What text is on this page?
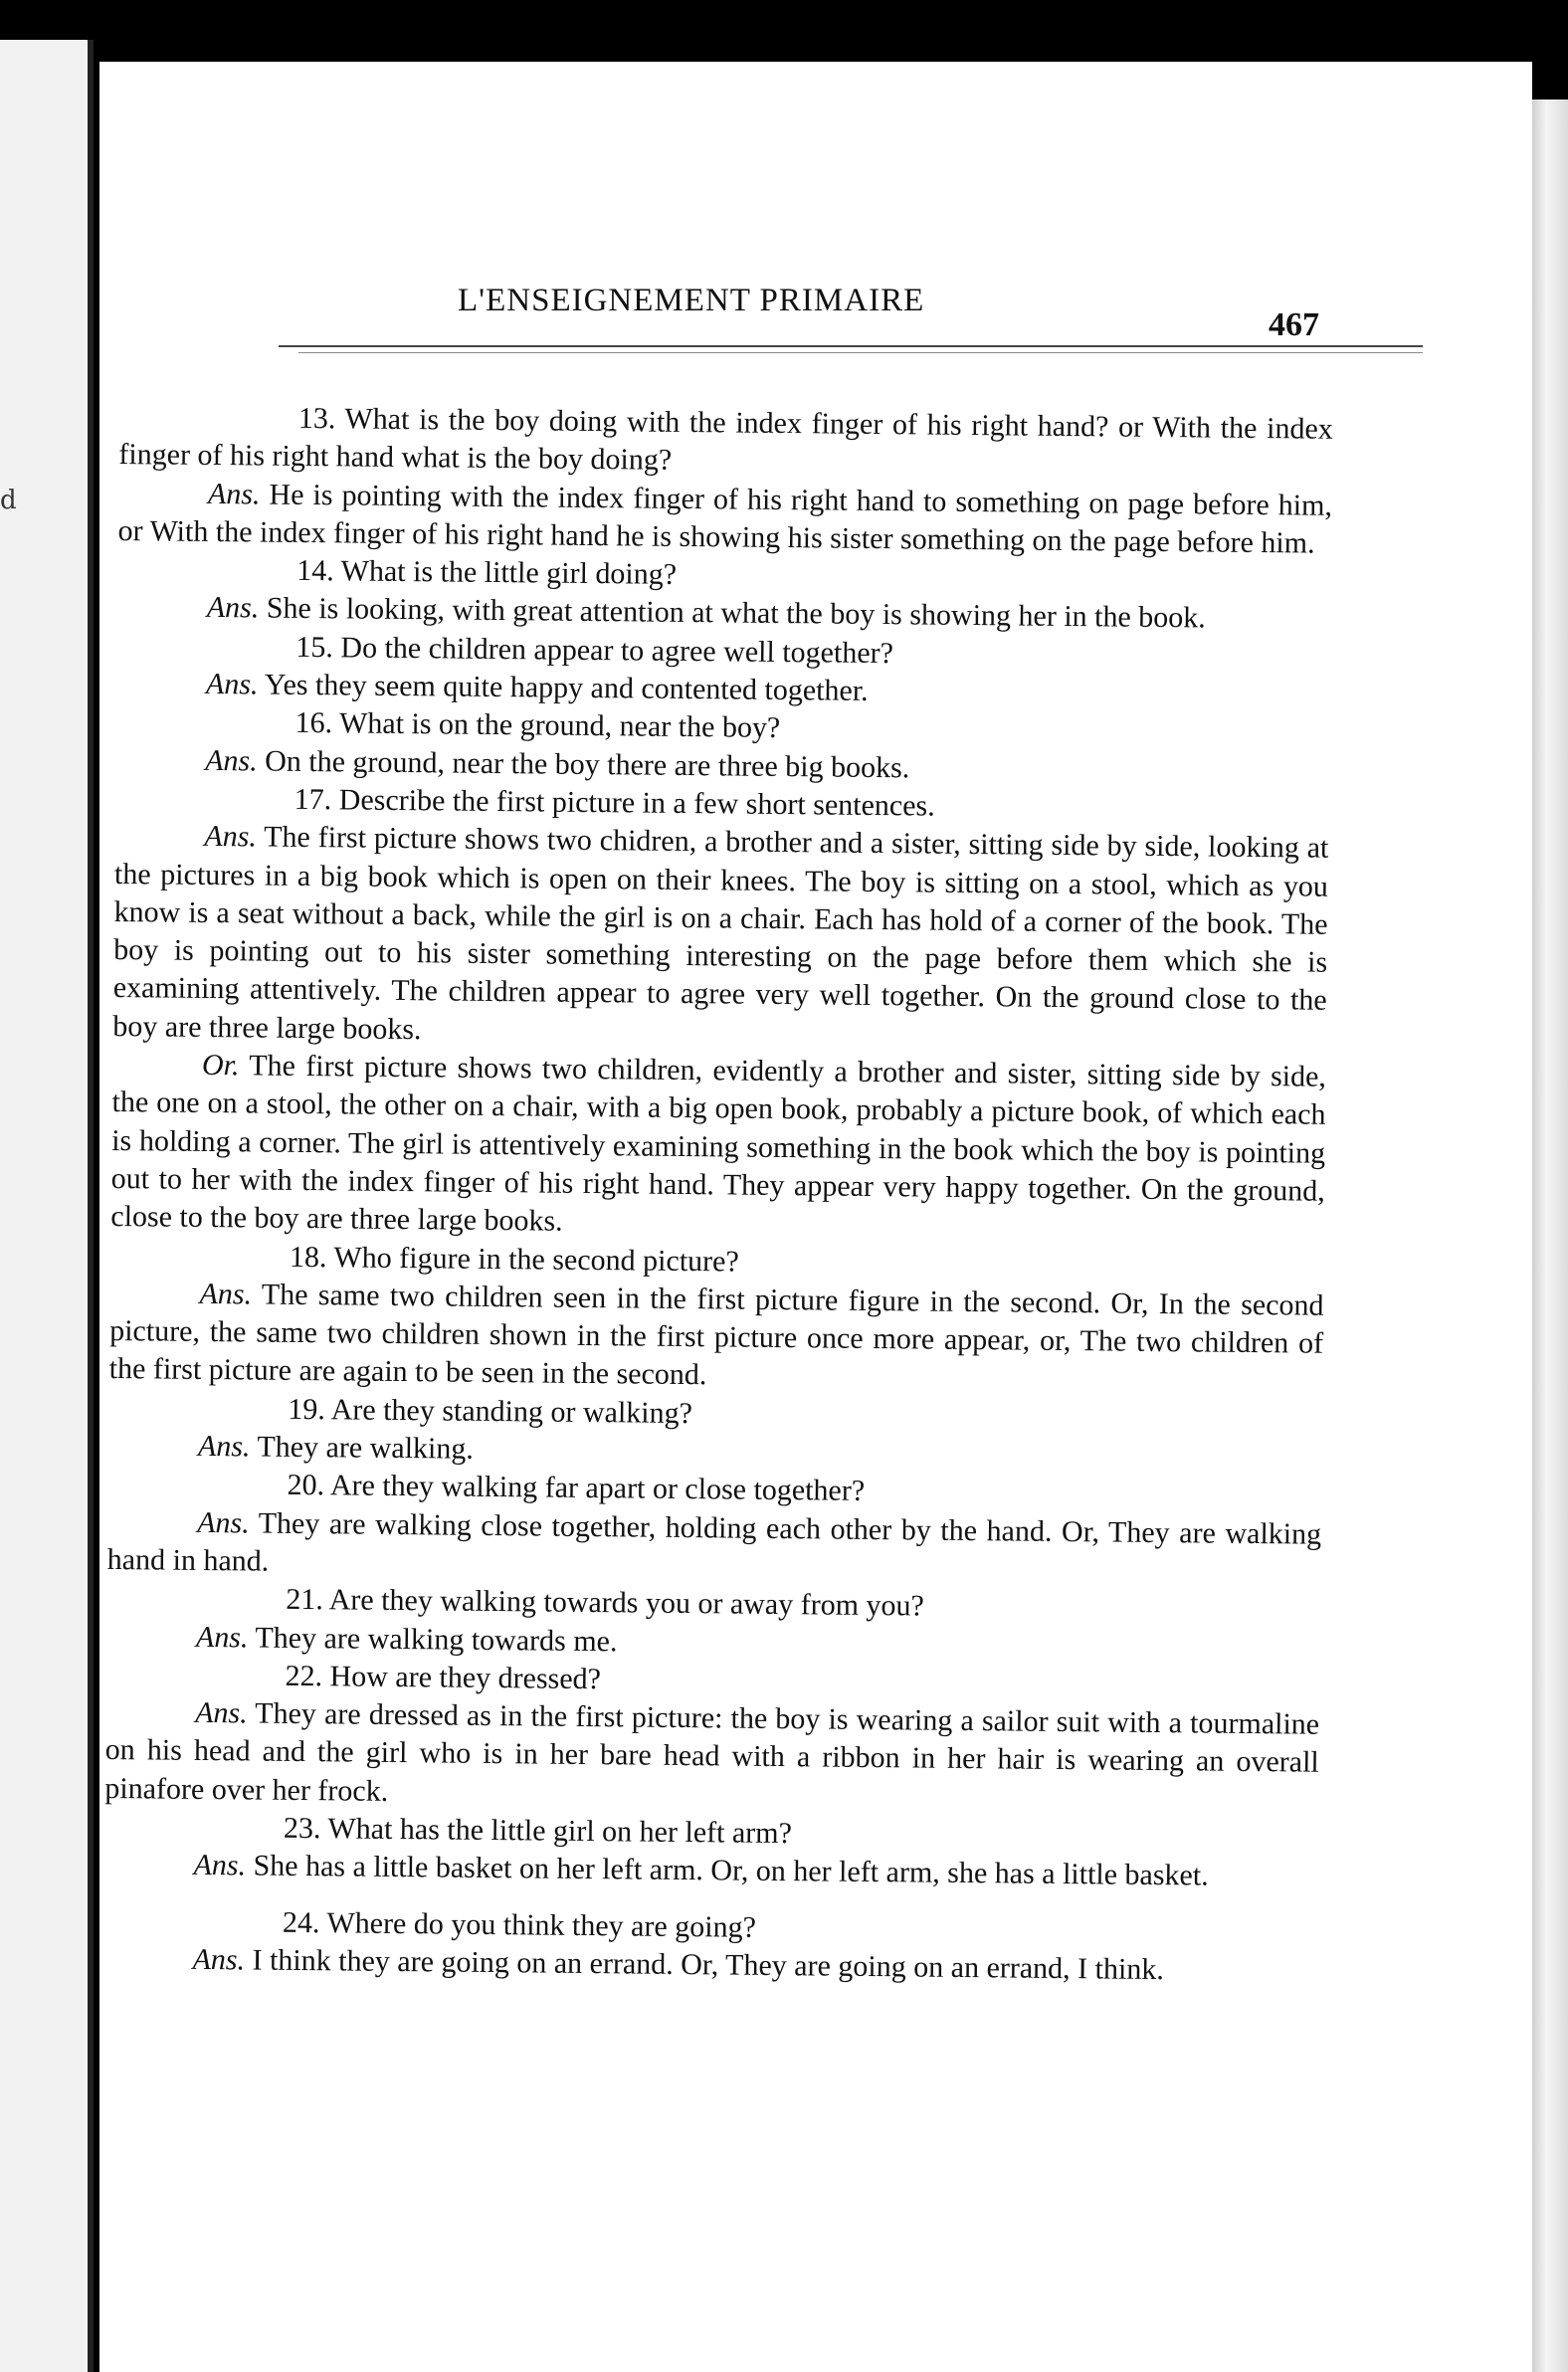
d
L'ENSEIGNEMENT PRIMAIRE
467

13. What is the boy doing with the index finger of his right hand? or With the index finger of his right hand what is the boy doing?

Ans. He is pointing with the index finger of his right hand to something on page before him, or With the index finger of his right hand he is showing his sister something on the page before him.

14. What is the little girl doing?

Ans. She is looking, with great attention at what the boy is showing her in the book.

15. Do the children appear to agree well together?

Ans. Yes they seem quite happy and contented together.

16. What is on the ground, near the boy?

Ans. On the ground, near the boy there are three big books.

17. Describe the first picture in a few short sentences.

Ans. The first picture shows two chidren, a brother and a sister, sitting side by side, looking at the pictures in a big book which is open on their knees. The boy is sitting on a stool, which as you know is a seat without a back, while the girl is on a chair. Each has hold of a corner of the book. The boy is pointing out to his sister something interesting on the page before them which she is examining attentively. The children appear to agree very well together. On the ground close to the boy are three large books.

Or. The first picture shows two children, evidently a brother and sister, sitting side by side, the one on a stool, the other on a chair, with a big open book, probably a picture book, of which each is holding a corner. The girl is attentively examining something in the book which the boy is pointing out to her with the index finger of his right hand. They appear very happy together. On the ground, close to the boy are three large books.

18. Who figure in the second picture?

Ans. The same two children seen in the first picture figure in the second. Or, In the second picture, the same two children shown in the first picture once more appear, or, The two children of the first picture are again to be seen in the second.

19. Are they standing or walking?

Ans. They are walking.

20. Are they walking far apart or close together?

Ans. They are walking close together, holding each other by the hand. Or, They are walking hand in hand.

21. Are they walking towards you or away from you?

Ans. They are walking towards me.

22. How are they dressed?

Ans. They are dressed as in the first picture: the boy is wearing a sailor suit with a tourmaline on his head and the girl who is in her bare head with a ribbon in her hair is wearing an overall pinafore over her frock.

23. What has the little girl on her left arm?

Ans. She has a little basket on her left arm. Or, on her left arm, she has a little basket.

24. Where do you think they are going?

Ans. I think they are going on an errand. Or, They are going on an errand, I think.
